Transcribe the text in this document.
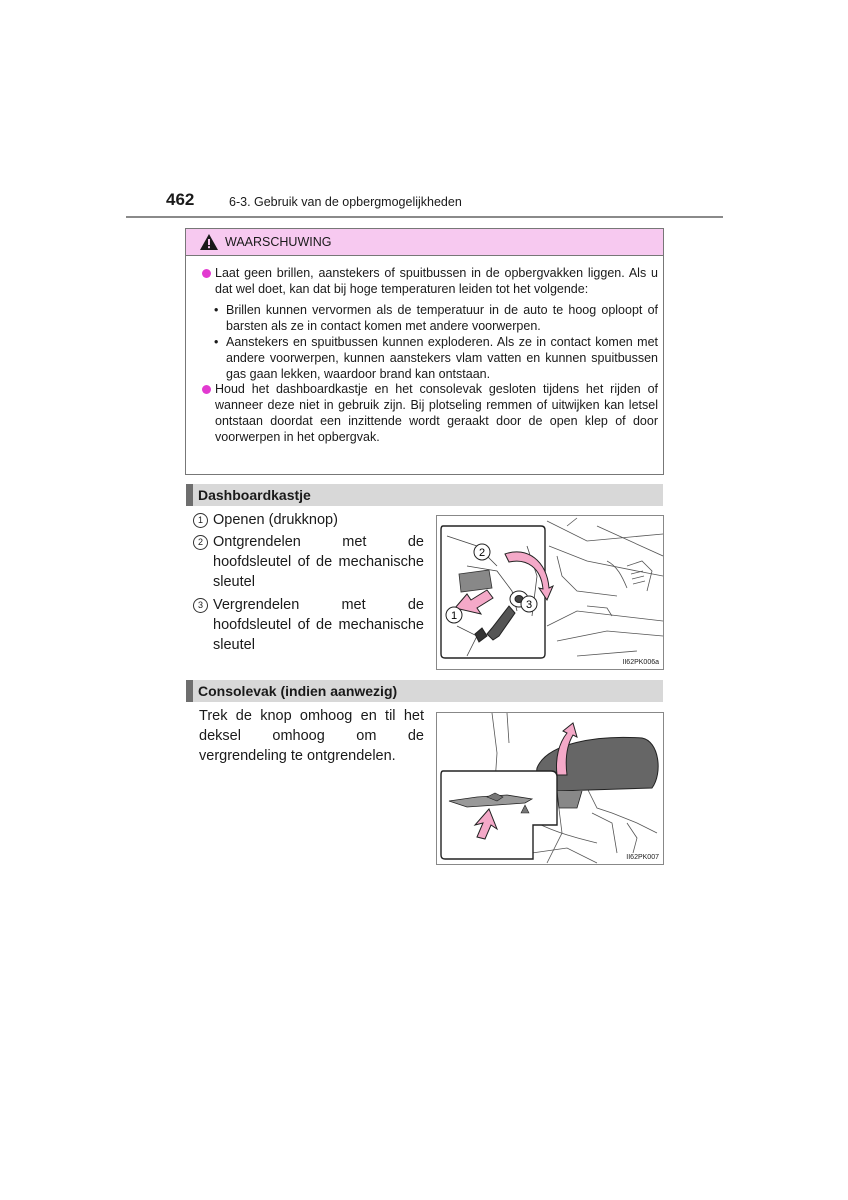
462	6-3. Gebruik van de opbergmogelijkheden
WAARSCHUWING
Laat geen brillen, aanstekers of spuitbussen in de opbergvakken liggen. Als u dat wel doet, kan dat bij hoge temperaturen leiden tot het volgende:
• Brillen kunnen vervormen als de temperatuur in de auto te hoog oploopt of barsten als ze in contact komen met andere voorwerpen.
• Aanstekers en spuitbussen kunnen exploderen. Als ze in contact komen met andere voorwerpen, kunnen aanstekers vlam vatten en kunnen spuitbussen gas gaan lekken, waardoor brand kan ontstaan.
Houd het dashboardkastje en het consolevak gesloten tijdens het rijden of wanneer deze niet in gebruik zijn. Bij plotseling remmen of uitwijken kan letsel ontstaan doordat een inzittende wordt geraakt door de open klep of door voorwerpen in het opbergvak.
Dashboardkastje
1 Openen (drukknop)
2 Ontgrendelen met de hoofdsleutel of de mechanische sleutel
3 Vergrendelen met de hoofdsleutel of de mechanische sleutel
2
3
1
II62PK006a
Consolevak (indien aanwezig)
Trek de knop omhoog en til het deksel omhoog om de vergrendeling te ontgrendelen.
II62PK007
